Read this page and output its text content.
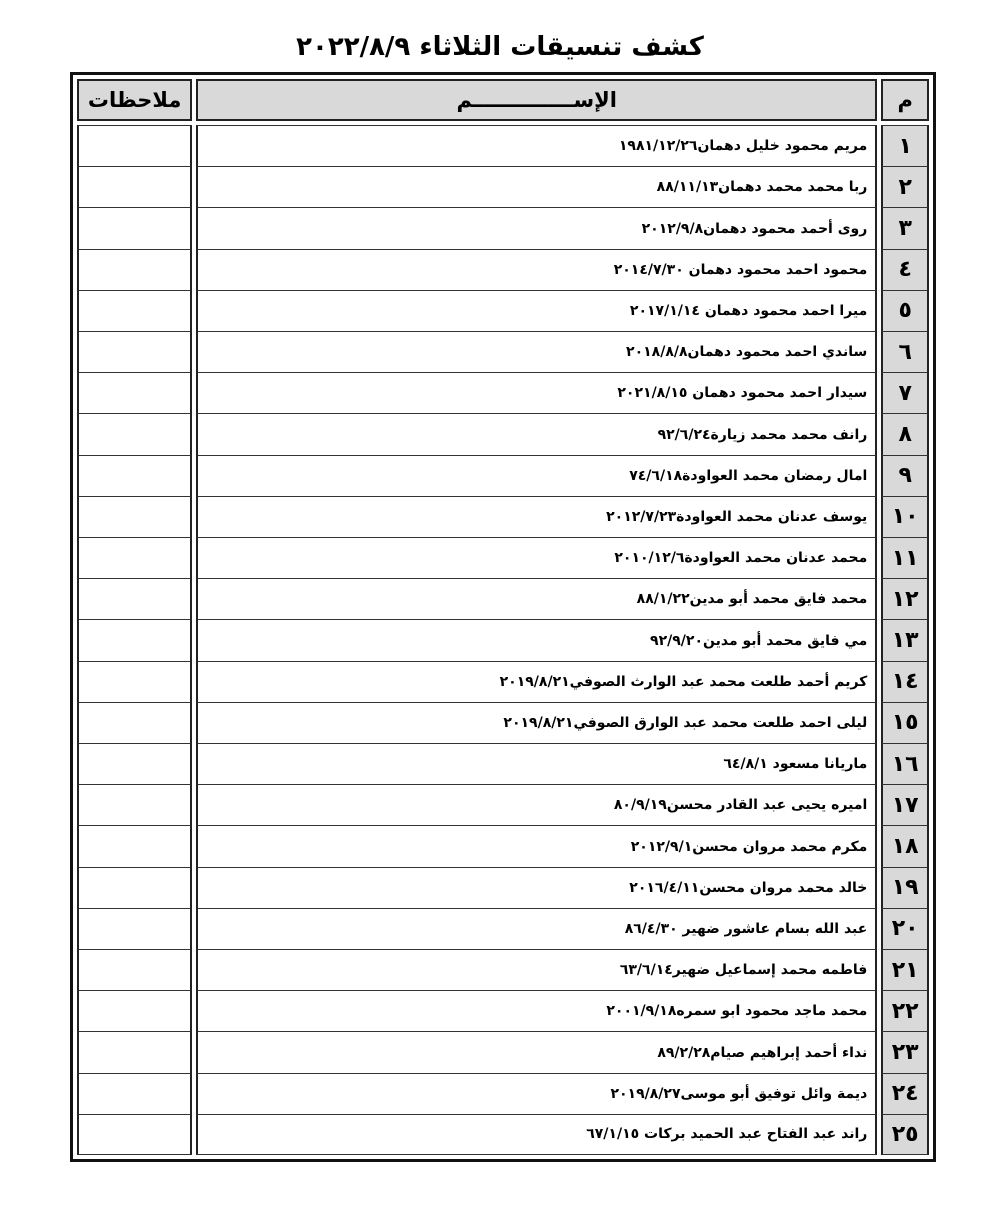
كشف تنسيقات الثلاثاء ٢٠٢٢/٨/٩
م
الإســــــــــــــم
ملاحظات
١
مريم محمود خليل دهمان١٩٨١/١٢/٢٦
٢
ربا محمد محمد دهمان٨٨/١١/١٣
٣
روى أحمد محمود دهمان٢٠١٢/٩/٨
٤
محمود احمد محمود دهمان ٢٠١٤/٧/٣٠
٥
ميرا احمد محمود دهمان ٢٠١٧/١/١٤
٦
ساندي احمد محمود دهمان٢٠١٨/٨/٨
٧
سيدار احمد محمود دهمان ٢٠٢١/٨/١٥
٨
رانف محمد محمد زيارة٩٢/٦/٢٤
٩
امال رمضان محمد العواودة٧٤/٦/١٨
١٠
يوسف عدنان محمد العواودة٢٠١٢/٧/٢٣
١١
محمد عدنان محمد العواودة٢٠١٠/١٢/٦
١٢
محمد فايق محمد أبو مدين٨٨/١/٢٢
١٣
مي فايق محمد أبو مدين٩٢/٩/٢٠
١٤
كريم أحمد طلعت محمد عبد الوارث الصوفي٢٠١٩/٨/٢١
١٥
ليلى احمد طلعت محمد عبد الوارق الصوفي٢٠١٩/٨/٢١
١٦
ماريانا مسعود ٦٤/٨/١
١٧
اميره يحيى عبد القادر محسن٨٠/٩/١٩
١٨
مكرم محمد مروان محسن٢٠١٢/٩/١
١٩
خالد محمد مروان محسن٢٠١٦/٤/١١
٢٠
عبد الله بسام عاشور ضهير ٨٦/٤/٣٠
٢١
فاطمه محمد إسماعيل ضهير٦٣/٦/١٤
٢٢
محمد ماجد محمود ابو سمره٢٠٠١/٩/١٨
٢٣
نداء أحمد إبراهيم صيام٨٩/٢/٢٨
٢٤
ديمة وائل توفيق أبو موسى٢٠١٩/٨/٢٧
٢٥
راند عبد الفتاح عبد الحميد بركات ٦٧/١/١٥
